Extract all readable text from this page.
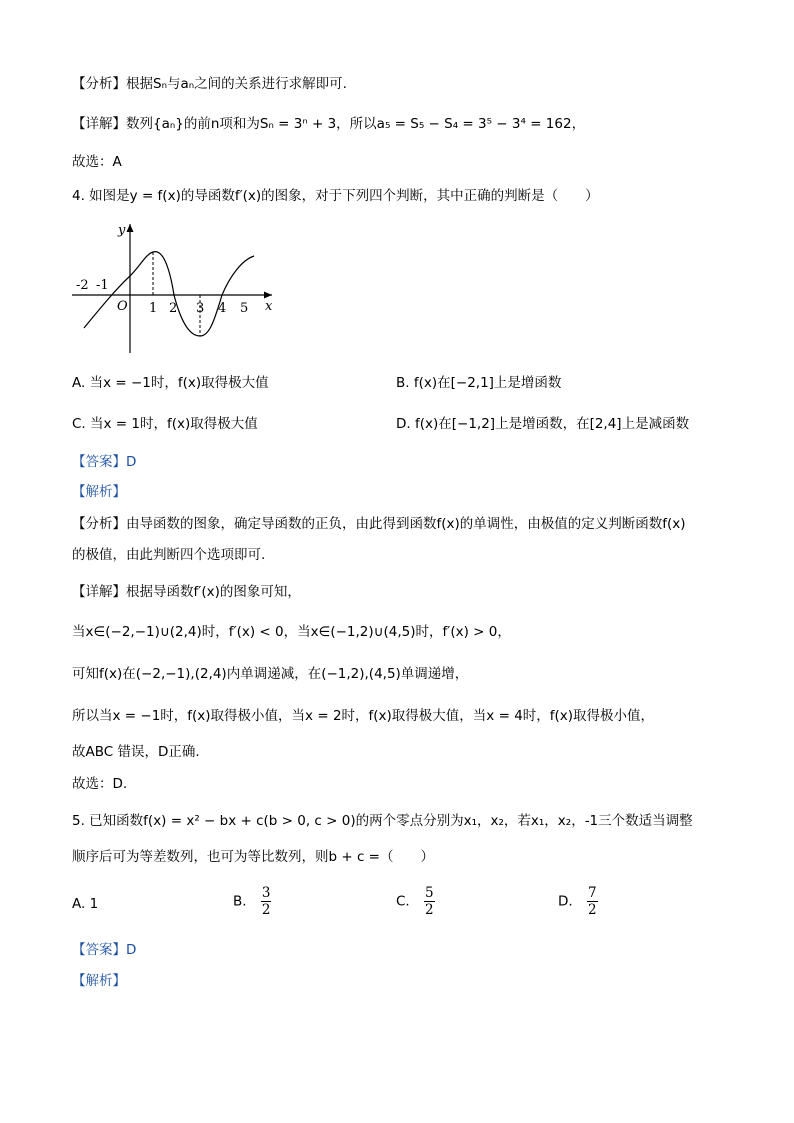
【分析】根据Sₙ与aₙ之间的关系进行求解即可.
【详解】数列{aₙ}的前n项和为Sₙ = 3ⁿ + 3，所以a₅ = S₅ − S₄ = 3⁵ − 3⁴ = 162，
故选：A
4. 如图是y = f(x)的导函数f′(x)的图象，对于下列四个判断，其中正确的判断是（　　）
y
x
O
-2 -1
1 2 3 4 5
A. 当x = −1时，f(x)取得极大值	B. f(x)在[−2,1]上是增函数
C. 当x = 1时，f(x)取得极大值	D. f(x)在[−1,2]上是增函数，在[2,4]上是减函数
【答案】D
【解析】
【分析】由导函数的图象，确定导函数的正负，由此得到函数f(x)的单调性，由极值的定义判断函数f(x)
的极值，由此判断四个选项即可.
【详解】根据导函数f′(x)的图象可知，
当x∈(−2,−1)∪(2,4)时，f′(x) < 0，当x∈(−1,2)∪(4,5)时，f′(x) > 0，
可知f(x)在(−2,−1),(2,4)内单调递减，在(−1,2),(4,5)单调递增，
所以当x = −1时，f(x)取得极小值，当x = 2时，f(x)取得极大值，当x = 4时，f(x)取得极小值，
故ABC 错误，D正确.
故选：D.
5. 已知函数f(x) = x² − bx + c(b > 0, c > 0)的两个零点分别为x₁，x₂，若x₁，x₂，-1三个数适当调整
顺序后可为等差数列，也可为等比数列，则b + c =（　　）
A. 1	B. $\frac{3}{2}$	C. $\frac{5}{2}$	D. $\frac{7}{2}$
【答案】D
【解析】
